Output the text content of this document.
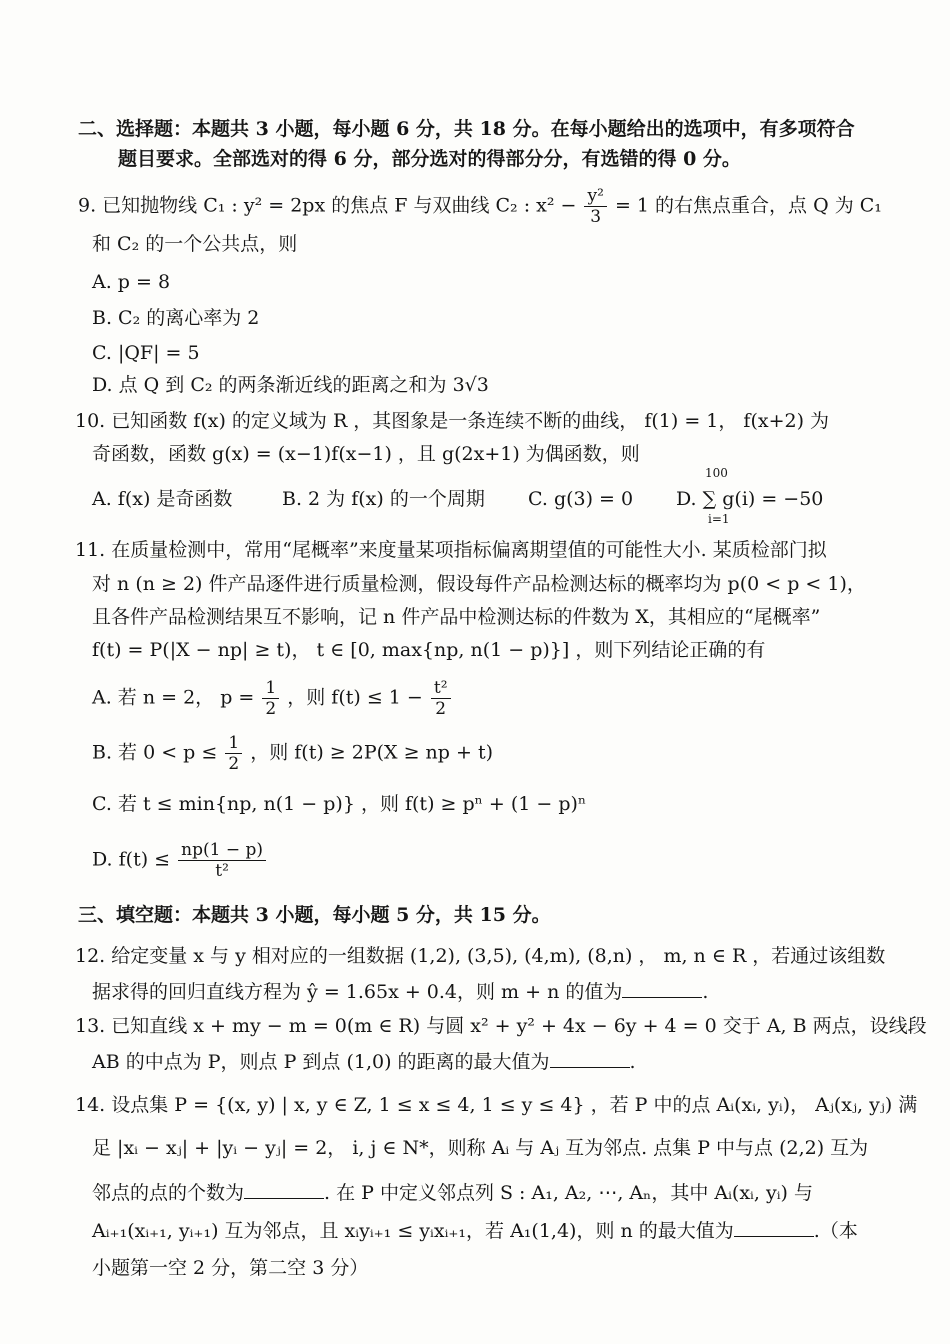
二、选择题：本题共 3 小题，每小题 6 分，共 18 分。在每小题给出的选项中，有多项符合
题目要求。全部选对的得 6 分，部分选对的得部分分，有选错的得 0 分。
9. 已知抛物线 C₁ : y² = 2px 的焦点 F 与双曲线 C₂ : $x^2 - \frac{\text{y²}}{3} = 1$ 的右焦点重合，点 Q 为 C₁
和 C₂ 的一个公共点，则
A. p = 8
B. C₂ 的离心率为 2
C. |QF| = 5
D. 点 Q 到 C₂ 的两条渐近线的距离之和为 3√3
10. 已知函数 f(x) 的定义域为 R ，其图象是一条连续不断的曲线， f(1) = 1， f(x+2) 为
奇函数，函数 g(x) = (x−1)f(x−1) ，且 g(2x+1) 为偶函数，则
A. f(x) 是奇函数	B. 2 为 f(x) 的一个周期 C. g(3) = 0 D. ∑ g(i) = −50
100
i=1
11. 在质量检测中，常用“尾概率”来度量某项指标偏离期望值的可能性大小. 某质检部门拟
对 n (n ≥ 2) 件产品逐件进行质量检测，假设每件产品检测达标的概率均为 p(0 < p < 1)，
且各件产品检测结果互不影响，记 n 件产品中检测达标的件数为 X，其相应的“尾概率”
f(t) = P(|X − np| ≥ t)， t ∈ [0, max{np, n(1 − p)}] ，则下列结论正确的有
A. 若 n = 2， $p = \frac{1}{2}$ ，则 $f(t) \le 1 - \frac{\text{t²}}{2}$
B. 若 $0 < p \le \frac{1}{2}$ ，则 f(t) ≥ 2P(X ≥ np + t)
C. 若 t ≤ min{np, n(1 − p)} ，则 f(t) ≥ pⁿ + (1 − p)ⁿ
D. $f(t) \le \frac{np(1 - p)}{\text{t²}}$
三、填空题：本题共 3 小题，每小题 5 分，共 15 分。
12. 给定变量 x 与 y 相对应的一组数据 (1,2), (3,5), (4,m), (8,n) ， m, n ∈ R ，若通过该组数
据求得的回归直线方程为 ŷ = 1.65x + 0.4，则 m + n 的值为	.
13. 已知直线 x + my − m = 0(m ∈ R) 与圆 x² + y² + 4x − 6y + 4 = 0 交于 A, B 两点，设线段
AB 的中点为 P，则点 P 到点 (1,0) 的距离的最大值为	.
14. 设点集 P = {(x, y) | x, y ∈ Z, 1 ≤ x ≤ 4, 1 ≤ y ≤ 4} ，若 P 中的点 Aᵢ(xᵢ, yᵢ)， Aⱼ(xⱼ, yⱼ) 满
足 |xᵢ − xⱼ| + |yᵢ − yⱼ| = 2， i, j ∈ N*，则称 Aᵢ 与 Aⱼ 互为邻点. 点集 P 中与点 (2,2) 互为
邻点的点的个数为	. 在 P 中定义邻点列 S : A₁, A₂, ⋯, Aₙ，其中 Aᵢ(xᵢ, yᵢ) 与
Aᵢ₊₁(xᵢ₊₁, yᵢ₊₁) 互为邻点，且 xᵢyᵢ₊₁ ≤ yᵢxᵢ₊₁，若 A₁(1,4)，则 n 的最大值为	.（本
小题第一空 2 分，第二空 3 分）
